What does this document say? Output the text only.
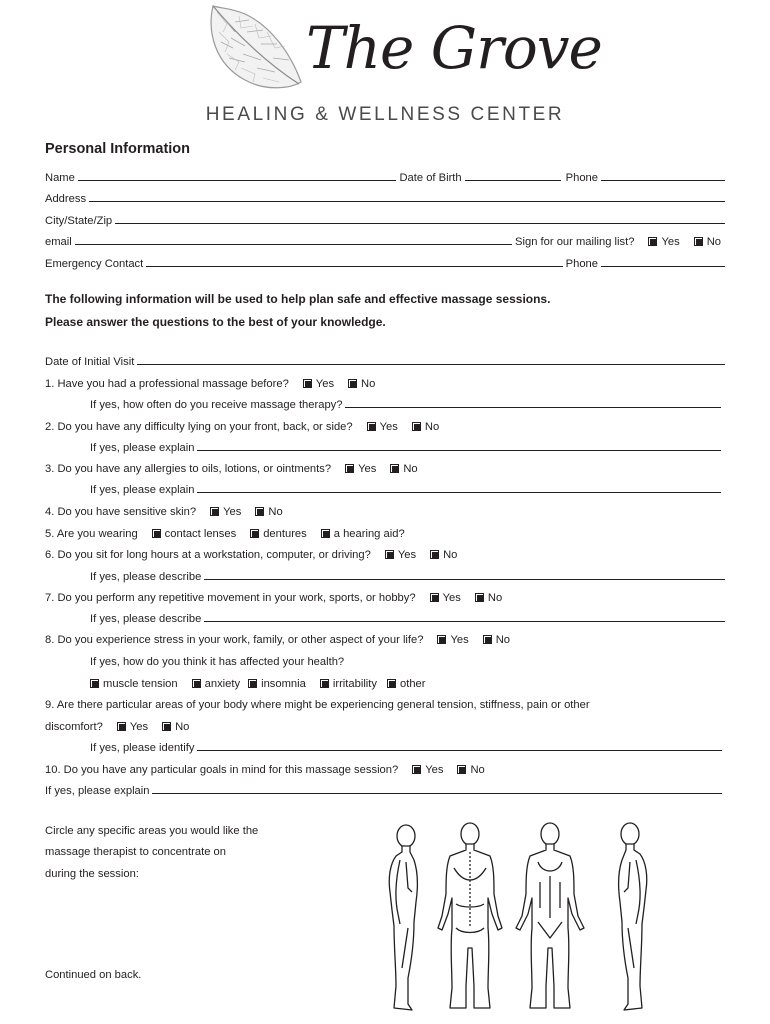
The Grove
HEALING & WELLNESS CENTER
Personal Information
Name	Date of Birth	Phone
Address
City/State/Zip
email	Sign for our mailing list? Yes No
Emergency Contact	Phone
The following information will be used to help plan safe and effective massage sessions.
Please answer the questions to the best of your knowledge.
Date of Initial Visit
1. Have you had a professional massage before? Yes No
If yes, how often do you receive massage therapy?
2. Do you have any difficulty lying on your front, back, or side? Yes No
If yes, please explain
3. Do you have any allergies to oils, lotions, or ointments? Yes No
If yes, please explain
4. Do you have sensitive skin? Yes No
5. Are you wearing contact lenses dentures a hearing aid?
6. Do you sit for long hours at a workstation, computer, or driving? Yes No
If yes, please describe
7. Do you perform any repetitive movement in your work, sports, or hobby? Yes No
If yes, please describe
8. Do you experience stress in your work, family, or other aspect of your life? Yes No
If yes, how do you think it has affected your health?
muscle tension anxiety insomnia irritability other
9. Are there particular areas of your body where might be experiencing general tension, stiffness, pain or other
discomfort? Yes No
If yes, please identify
10. Do you have any particular goals in mind for this massage session? Yes No
If yes, please explain
Circle any specific areas you would like the
massage therapist to concentrate on
during the session:
Continued on back.
